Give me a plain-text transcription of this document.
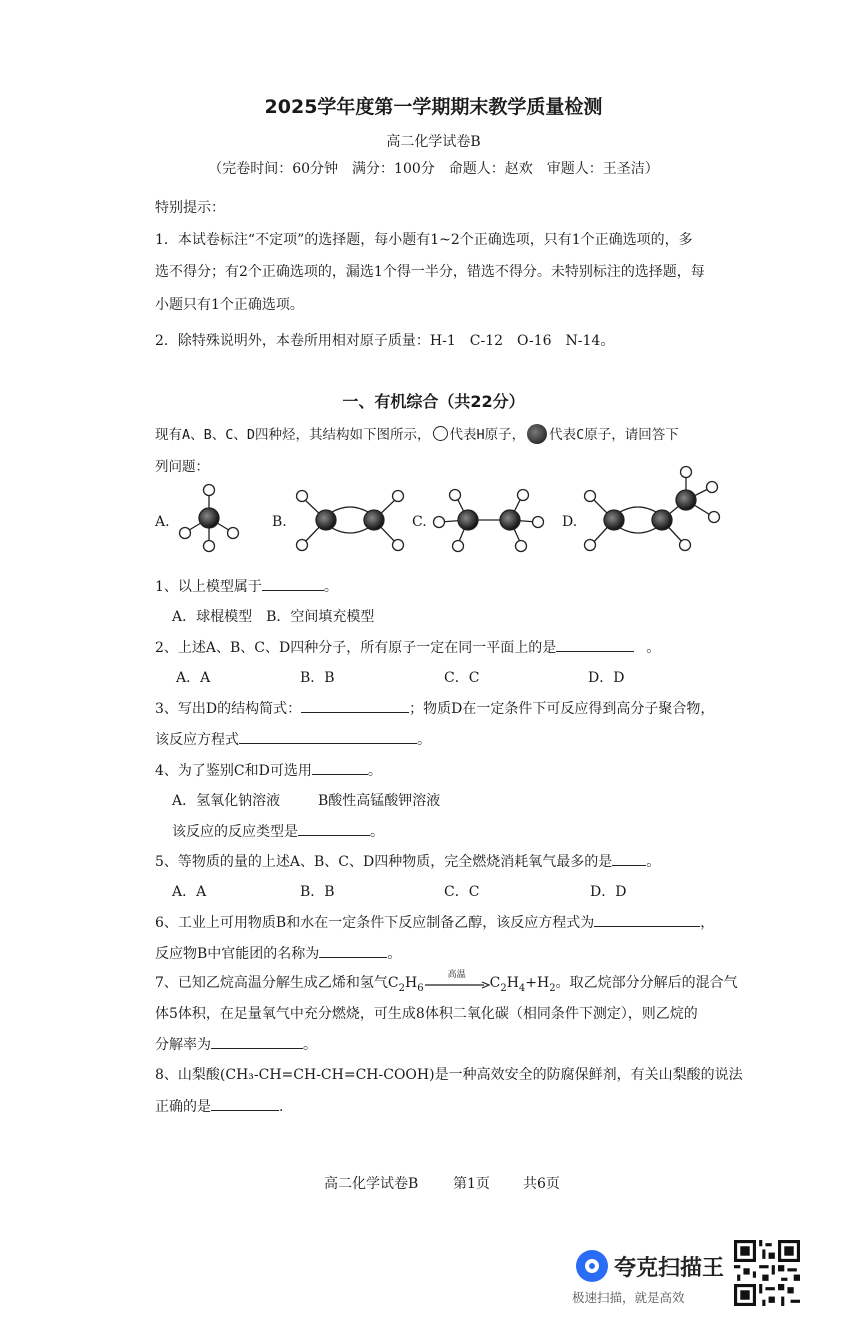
2025学年度第一学期期末教学质量检测
高二化学试卷B
（完卷时间：60分钟　满分：100分　命题人：赵欢　审题人：王圣洁）
特别提示：
1．本试卷标注“不定项”的选择题，每小题有1~2个正确选项，只有1个正确选项的，多
选不得分；有2个正确选项的，漏选1个得一半分，错选不得分。未特别标注的选择题，每
小题只有1个正确选项。
2．除特殊说明外，本卷所用相对原子质量：H-1　C-12　O-16　N-14。
一、有机综合（共22分）
现有A、B、C、D四种烃，其结构如下图所示， 代表H原子， 代表C原子，请回答下
列问题：
A.	B.	C.	D.
1、以上模型属于	。
A．球棍模型　B．空间填充模型
2、上述A、B、C、D四种分子，所有原子一定在同一平面上的是	。
A．A	B．B	C．C	D．D
3、写出D的结构简式：	；物质D在一定条件下可反应得到高分子聚合物，
该反应方程式	。
4、为了鉴别C和D可选用	。
A．氢氧化钠溶液	B酸性高锰酸钾溶液
该反应的反应类型是	。
5、等物质的量的上述A、B、C、D四种物质，完全燃烧消耗氧气最多的是 。
A．A	B．B	C．C	D．D
6、工业上可用物质B和水在一定条件下反应制备乙醇，该反应方程式为	，
反应物B中官能团的名称为	。
7、已知乙烷高温分解生成乙烯和氢气$C_2H_6$
高温	$C_2H_4+H_2$。取乙烷部分分解后的混合气
体5体积，在足量氧气中充分燃烧，可生成8体积二氧化碳（相同条件下测定），则乙烷的
分解率为	。
8、山梨酸(CH₃-CH=CH-CH=CH-COOH)是一种高效安全的防腐保鲜剂，有关山梨酸的说法
正确的是	.
高二化学试卷B 第1页 共6页
夸克扫描王
极速扫描，就是高效
